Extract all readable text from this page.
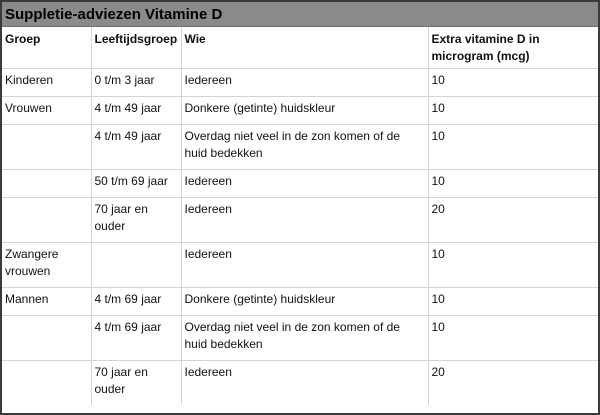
Suppletie-adviezen Vitamine D
Groep	Leeftijdsgroep	Wie	Extra vitamine D in microgram (mcg)
Kinderen	0 t/m 3 jaar	Iedereen	10
Vrouwen	4 t/m 49 jaar	Donkere (getinte) huidskleur	10
	4 t/m 49 jaar	Overdag niet veel in de zon komen of de huid bedekken	10
	50 t/m 69 jaar	Iedereen	10
	70 jaar en ouder	Iedereen	20
Zwangere vrouwen		Iedereen	10
Mannen	4 t/m 69 jaar	Donkere (getinte) huidskleur	10
	4 t/m 69 jaar	Overdag niet veel in de zon komen of de huid bedekken	10
	70 jaar en ouder	Iedereen	20
